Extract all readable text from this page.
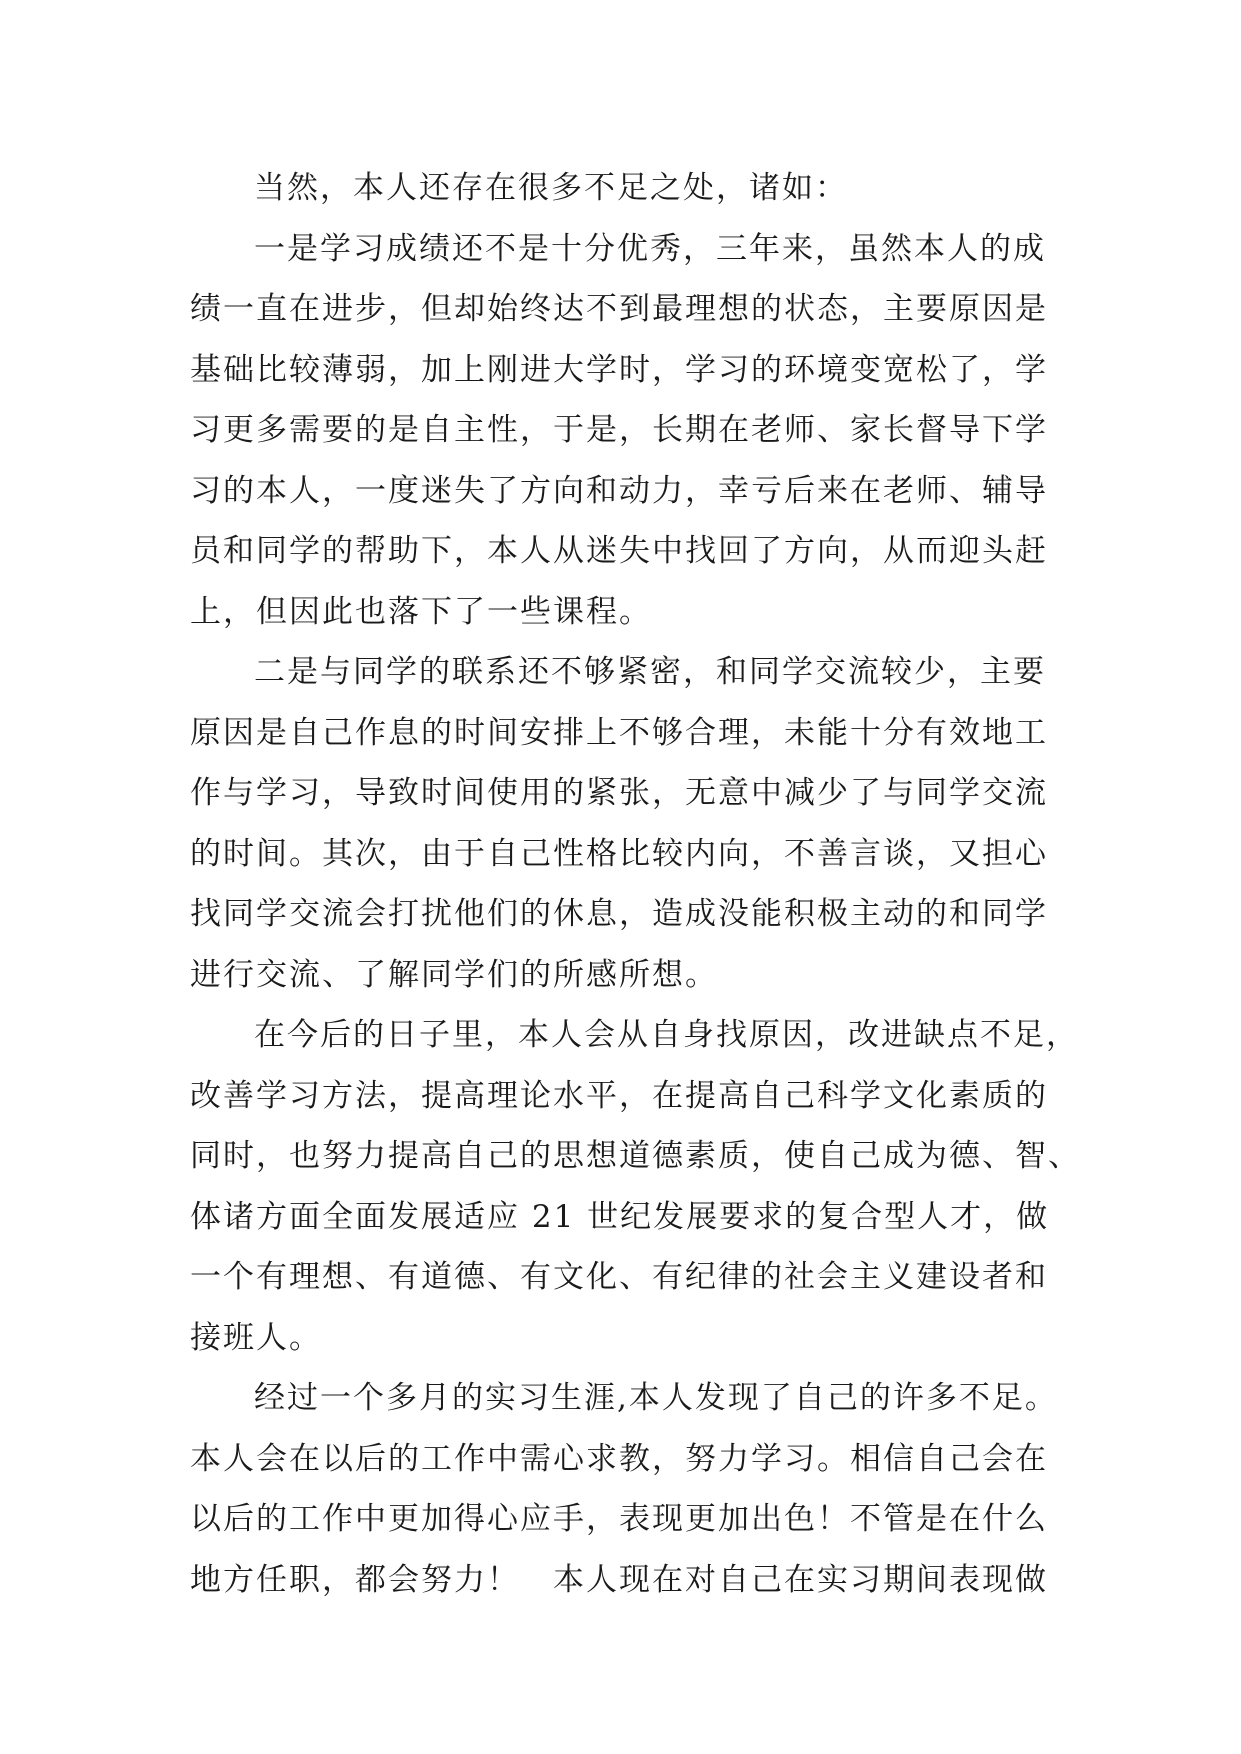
当然，本人还存在很多不足之处，诸如：
一是学习成绩还不是十分优秀，三年来，虽然本人的成
绩一直在进步，但却始终达不到最理想的状态，主要原因是
基础比较薄弱，加上刚进大学时，学习的环境变宽松了，学
习更多需要的是自主性，于是，长期在老师、家长督导下学
习的本人，一度迷失了方向和动力，幸亏后来在老师、辅导
员和同学的帮助下，本人从迷失中找回了方向，从而迎头赶
上，但因此也落下了一些课程。
二是与同学的联系还不够紧密，和同学交流较少，主要
原因是自己作息的时间安排上不够合理，未能十分有效地工
作与学习，导致时间使用的紧张，无意中减少了与同学交流
的时间。其次，由于自己性格比较内向，不善言谈，又担心
找同学交流会打扰他们的休息，造成没能积极主动的和同学
进行交流、了解同学们的所感所想。
在今后的日子里，本人会从自身找原因，改进缺点不足，
改善学习方法，提高理论水平，在提高自己科学文化素质的
同时，也努力提高自己的思想道德素质，使自己成为德、智、
体诸方面全面发展适应 21 世纪发展要求的复合型人才，做
一个有理想、有道德、有文化、有纪律的社会主义建设者和
接班人。
经过一个多月的实习生涯,本人发现了自己的许多不足。
本人会在以后的工作中需心求教，努力学习。相信自己会在
以后的工作中更加得心应手，表现更加出色！不管是在什么
地方任职，都会努力！　本人现在对自己在实习期间表现做
